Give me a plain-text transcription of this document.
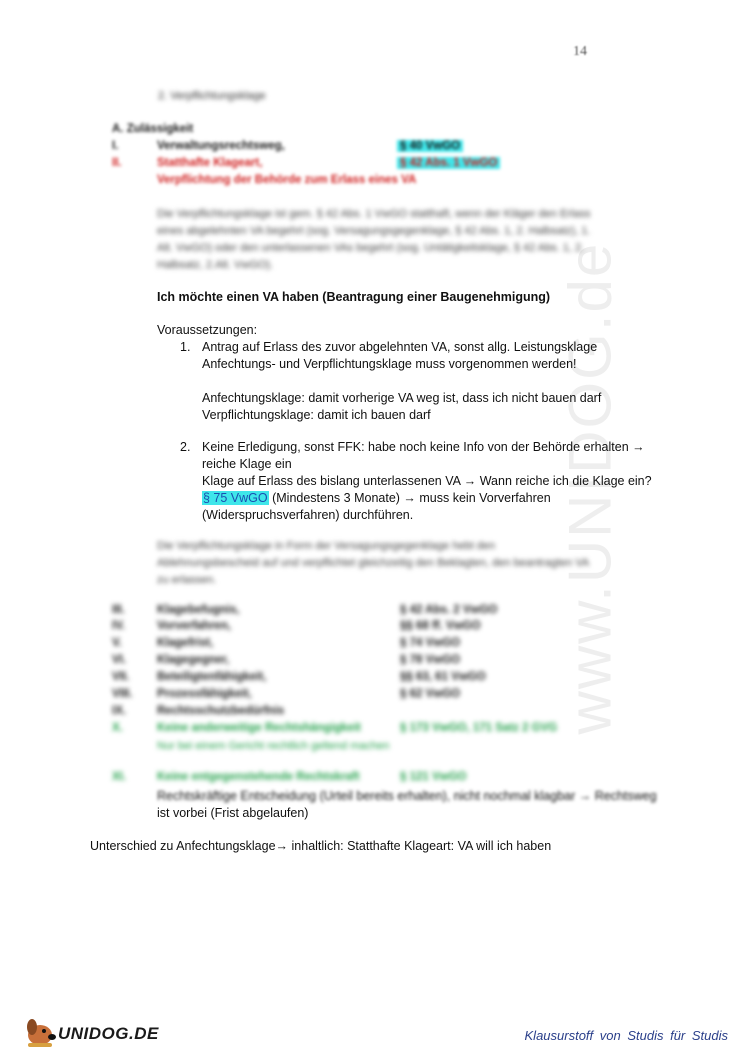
www.UNIDOG.de
14
2. Verpflichtungsklage
A. Zulässigkeit
I.	Verwaltungsrechtsweg,	§ 40 VwGO
II.	Statthafte Klageart,	§ 42 Abs. 1 VwGO
Verpflichtung der Behörde zum Erlass eines VA
Die Verpflichtungsklage ist gem. § 42 Abs. 1 VwGO statthaft, wenn der Kläger den Erlass
eines abgelehnten VA begehrt (sog. Versagungsgegenklage, § 42 Abs. 1, 2. Halbsatz), 1.
Alt. VwGO) oder den unterlassenen VAs begehrt (sog. Untätigkeitsklage, § 42 Abs. 1, 2.
Halbsatz, 2.Alt. VwGO).
Ich möchte einen VA haben (Beantragung einer Baugenehmigung)
Voraussetzungen:
1. Antrag auf Erlass des zuvor abgelehnten VA, sonst allg. Leistungsklage
Anfechtungs- und Verpflichtungsklage muss vorgenommen werden!
Anfechtungsklage: damit vorherige VA weg ist, dass ich nicht bauen darf
Verpflichtungsklage: damit ich bauen darf
2. Keine Erledigung, sonst FFK: habe noch keine Info von der Behörde erhalten →
reiche Klage ein
Klage auf Erlass des bislang unterlassenen VA → Wann reiche ich die Klage ein?
§ 75 VwGO (Mindestens 3 Monate) → muss kein Vorverfahren
(Widerspruchsverfahren) durchführen.
Die Verpflichtungsklage in Form der Versagungsgegenklage hebt den
Ablehnungsbescheid auf und verpflichtet gleichzeitig den Beklagten, den beantragten VA
zu erlassen.
III.	Klagebefugnis,	§ 42 Abs. 2 VwGO
IV.	Vorverfahren,	§§ 68 ff. VwGO
V.	Klagefrist,	§ 74 VwGO
VI.	Klagegegner,	§ 78 VwGO
VII. Beteiligtenfähigkeit,	§§ 63, 61 VwGO
VIII. Prozessfähigkeit,	§ 62 VwGO
IX.	Rechtsschutzbedürfnis
X.	Keine anderweitige Rechtshängigkeit	§ 173 VwGO, 171 Satz 2 GVG
Nur bei einem Gericht rechtlich geltend machen
XI.	Keine entgegenstehende Rechtskraft	§ 121 VwGO
Rechtskräftige Entscheidung (Urteil bereits erhalten), nicht nochmal klagbar → Rechtsweg
ist vorbei (Frist abgelaufen)
Unterschied zu Anfechtungsklage→ inhaltlich: Statthafte Klageart: VA will ich haben
UNIDOG.DE	Klausurstoff von Studis für Studis
